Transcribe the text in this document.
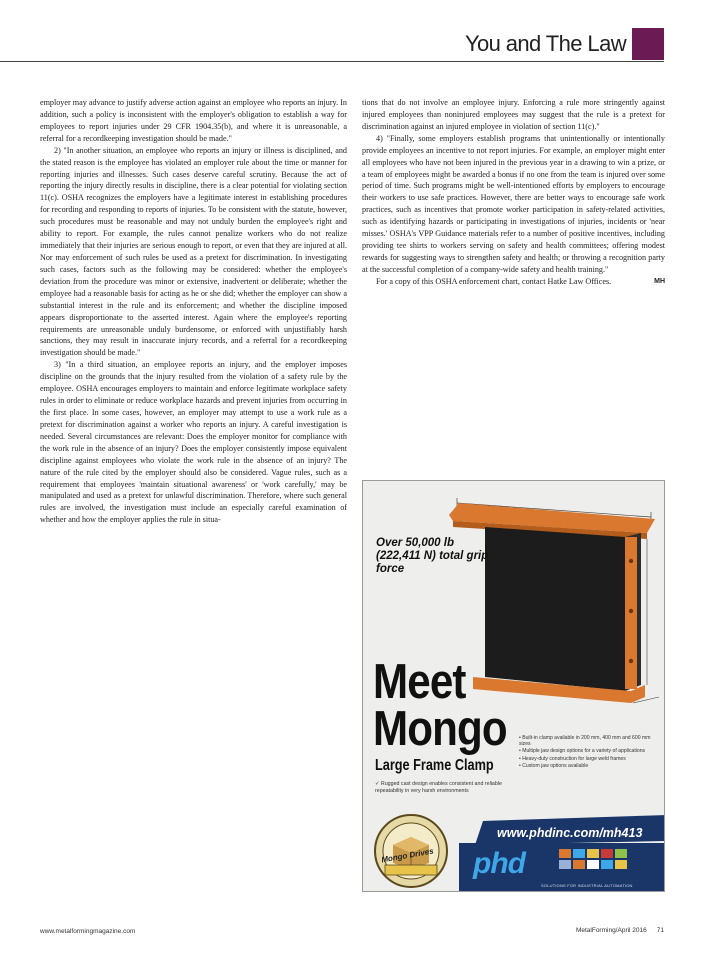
You and The Law

employer may advance to justify adverse action against an employee who reports an injury. In addition, such a policy is inconsistent with the employer's obligation to establish a way for employees to report injuries under 29 CFR 1904.35(b), and where it is unreasonable, a referral for a recordkeeping investigation should be made."

2) "In another situation, an employee who reports an injury or illness is disciplined, and the stated reason is the employee has violated an employer rule about the time or manner for reporting injuries and illnesses. Such cases deserve careful scrutiny. Because the act of reporting the injury directly results in discipline, there is a clear potential for violating section 11(c). OSHA recognizes the employers have a legitimate interest in establishing procedures for recording and responding to reports of injuries. To be consistent with the statute, however, such procedures must be reasonable and may not unduly burden the employee's right and ability to report. For example, the rules cannot penalize workers who do not realize immediately that their injuries are serious enough to report, or even that they are injured at all. Nor may enforcement of such rules be used as a pretext for discrimination. In investigating such cases, factors such as the following may be considered: whether the employee's deviation from the procedure was minor or extensive, inadvertent or deliberate; whether the employee had a reasonable basis for acting as he or she did; whether the employer can show a substantial interest in the rule and its enforcement; and whether the discipline imposed appears disproportionate to the asserted interest. Again where the employee's reporting requirements are unreasonable unduly burdensome, or enforced with unjustifiably harsh sanctions, they may result in inaccurate injury records, and a referral for a recordkeeping investigation should be made."

3) "In a third situation, an employee reports an injury, and the employer imposes discipline on the grounds that the injury resulted from the violation of a safety rule by the employee. OSHA encourages employers to maintain and enforce legitimate workplace safety rules in order to eliminate or reduce workplace hazards and prevent injuries from occurring in the first place. In some cases, however, an employer may attempt to use a work rule as a pretext for discrimination against a worker who reports an injury. A careful investigation is needed. Several circumstances are relevant: Does the employer monitor for compliance with the work rule in the absence of an injury? Does the employer consistently impose equivalent discipline against employees who violate the work rule in the absence of an injury? The nature of the rule cited by the employer should also be considered. Vague rules, such as a requirement that employees 'maintain situational awareness' or 'work carefully,' may be manipulated and used as a pretext for unlawful discrimination. Therefore, where such general rules are involved, the investigation must include an especially careful examination of whether and how the employer applies the rule in situa-

tions that do not involve an employee injury. Enforcing a rule more stringently against injured employees than noninjured employees may suggest that the rule is a pretext for discrimination against an injured employee in violation of section 11(c)."

4) "Finally, some employers establish programs that unintentionally or intentionally provide employees an incentive to not report injuries. For example, an employer might enter all employees who have not been injured in the previous year in a drawing to win a prize, or a team of employees might be awarded a bonus if no one from the team is injured over some period of time. Such programs might be well-intentioned efforts by employers to encourage their workers to use safe practices. However, there are better ways to encourage safe work practices, such as incentives that promote worker participation in safety-related activities, such as identifying hazards or participating in investigations of injuries, incidents or 'near misses.' OSHA's VPP Guidance materials refer to a number of positive incentives, including providing tee shirts to workers serving on safety and health committees; offering modest rewards for suggesting ways to strengthen safety and health; or throwing a recognition party at the successful completion of a company-wide safety and health training."

For a copy of this OSHA enforcement chart, contact Hatke Law Offices.	MH

Over 50,000 lb (222,411 N) total grip force
Meet
Mongo
Large Frame Clamp
✓ Rugged cast design enables consistent and reliable repeatability in very harsh environments
• Built-in clamp available in 200 mm, 400 mm and 600 mm sizes
• Multiple jaw design options for a variety of applications
• Heavy-duty construction for large weld frames
• Custom jaw options available
www.phdinc.com/mh413
phd
SOLUTIONS FOR INDUSTRIAL AUTOMATION
Mongo Drives
www.metalformingmagazine.com	MetalForming/April 2016 71
